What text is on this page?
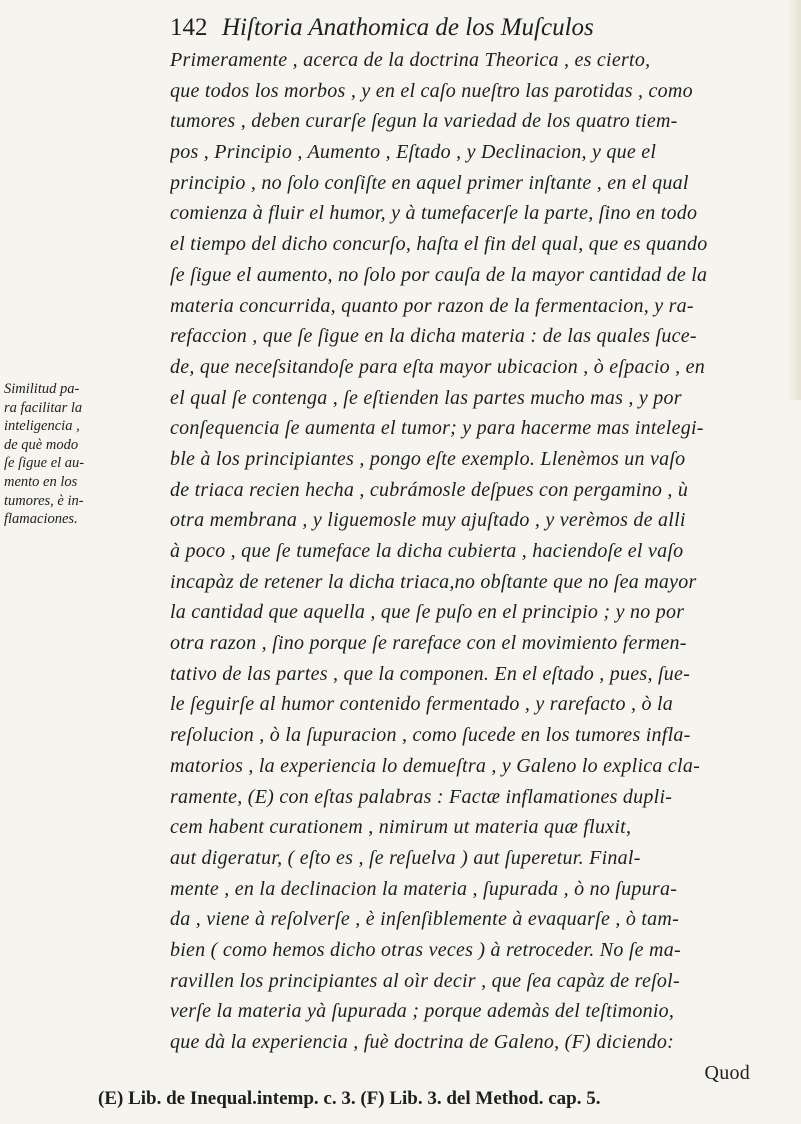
142 Hiſtoria Anathomica de los Muſculos
Similitud pa-
ra facilitar la
inteligencia ,
de què modo
ſe ſigue el au-
mento en los
tumores, è in-
flamaciones.
Primeramente , acerca de la doctrina Theorica , es cierto,
que todos los morbos , y en el caſo nueſtro las parotidas , como
tumores , deben curarſe ſegun la variedad de los quatro tiem-
pos , Principio , Aumento , Eſtado , y Declinacion, y que el
principio , no ſolo conſiſte en aquel primer inſtante , en el qual
comienza à fluir el humor, y à tumefacerſe la parte, ſino en todo
el tiempo del dicho concurſo, haſta el fin del qual, que es quando
ſe ſigue el aumento, no ſolo por cauſa de la mayor cantidad de la
materia concurrida, quanto por razon de la fermentacion, y ra-
refaccion , que ſe ſigue en la dicha materia : de las quales ſuce-
de, que neceſsitandoſe para eſta mayor ubicacion , ò eſpacio , en
el qual ſe contenga , ſe eſtienden las partes mucho mas , y por
conſequencia ſe aumenta el tumor; y para hacerme mas intelegi-
ble à los principiantes , pongo eſte exemplo. Llenèmos un vaſo
de triaca recien hecha , cubrámosle deſpues con pergamino , ù
otra membrana , y liguemosle muy ajuſtado , y verèmos de alli
à poco , que ſe tumeface la dicha cubierta , haciendoſe el vaſo
incapàz de retener la dicha triaca,no obſtante que no ſea mayor
la cantidad que aquella , que ſe puſo en el principio ; y no por
otra razon , ſino porque ſe rareface con el movimiento fermen-
tativo de las partes , que la componen. En el eſtado , pues, ſue-
le ſeguirſe al humor contenido fermentado , y rarefacto , ò la
reſolucion , ò la ſupuracion , como ſucede en los tumores infla-
matorios , la experiencia lo demueſtra , y Galeno lo explica cla-
ramente, (E) con eſtas palabras : Factæ inflamationes dupli-
cem habent curationem , nimirum ut materia quæ fluxit,
aut digeratur, ( eſto es , ſe reſuelva ) aut ſuperetur. Final-
mente , en la declinacion la materia , ſupurada , ò no ſupura-
da , viene à reſolverſe , è inſenſiblemente à evaquarſe , ò tam-
bien ( como hemos dicho otras veces ) à retroceder. No ſe ma-
ravillen los principiantes al oìr decir , que ſea capàz de reſol-
verſe la materia yà ſupurada ; porque ademàs del teſtimonio,
que dà la experiencia , fuè doctrina de Galeno, (F) diciendo:
Quod
(E) Lib. de Inequal.intemp. c. 3. (F) Lib. 3. del Method. cap. 5.
